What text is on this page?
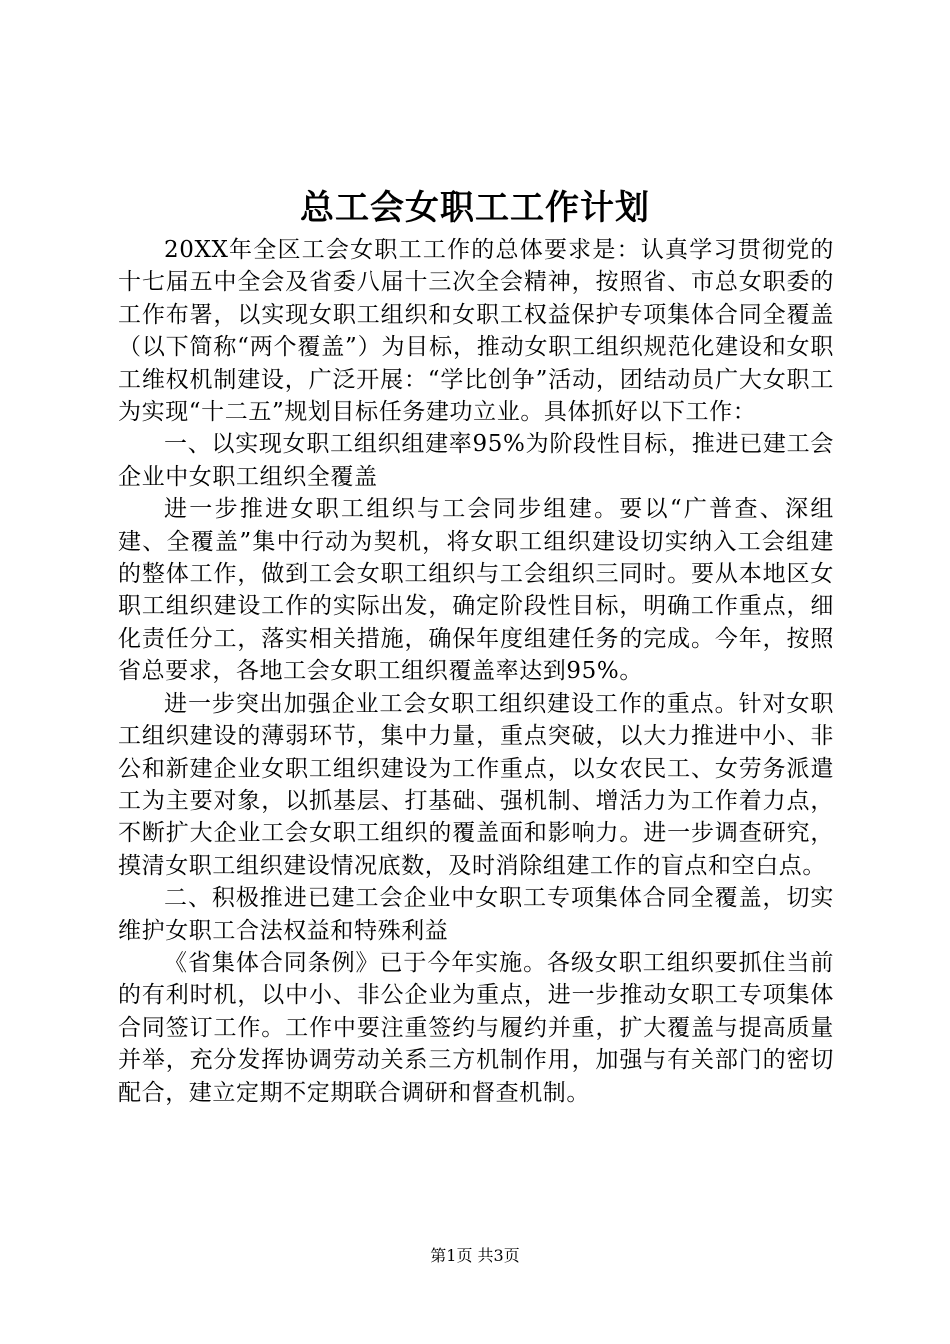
总工会女职工工作计划

20XX年全区工会女职工工作的总体要求是：认真学习贯彻党的十七届五中全会及省委八届十三次全会精神，按照省、市总女职委的工作布署，以实现女职工组织和女职工权益保护专项集体合同全覆盖（以下简称“两个覆盖”）为目标，推动女职工组织规范化建设和女职工维权机制建设，广泛开展：“学比创争”活动，团结动员广大女职工为实现“十二五”规划目标任务建功立业。具体抓好以下工作：

一、以实现女职工组织组建率95%为阶段性目标，推进已建工会企业中女职工组织全覆盖

进一步推进女职工组织与工会同步组建。要以“广普查、深组建、全覆盖”集中行动为契机，将女职工组织建设切实纳入工会组建的整体工作，做到工会女职工组织与工会组织三同时。要从本地区女职工组织建设工作的实际出发，确定阶段性目标，明确工作重点，细化责任分工，落实相关措施，确保年度组建任务的完成。今年，按照省总要求，各地工会女职工组织覆盖率达到95%。

进一步突出加强企业工会女职工组织建设工作的重点。针对女职工组织建设的薄弱环节，集中力量，重点突破，以大力推进中小、非公和新建企业女职工组织建设为工作重点，以女农民工、女劳务派遣工为主要对象，以抓基层、打基础、强机制、增活力为工作着力点，不断扩大企业工会女职工组织的覆盖面和影响力。进一步调查研究，摸清女职工组织建设情况底数，及时消除组建工作的盲点和空白点。

二、积极推进已建工会企业中女职工专项集体合同全覆盖，切实维护女职工合法权益和特殊利益

《省集体合同条例》已于今年实施。各级女职工组织要抓住当前的有利时机，以中小、非公企业为重点，进一步推动女职工专项集体合同签订工作。工作中要注重签约与履约并重，扩大覆盖与提高质量并举，充分发挥协调劳动关系三方机制作用，加强与有关部门的密切配合，建立定期不定期联合调研和督查机制。

第1页 共3页
